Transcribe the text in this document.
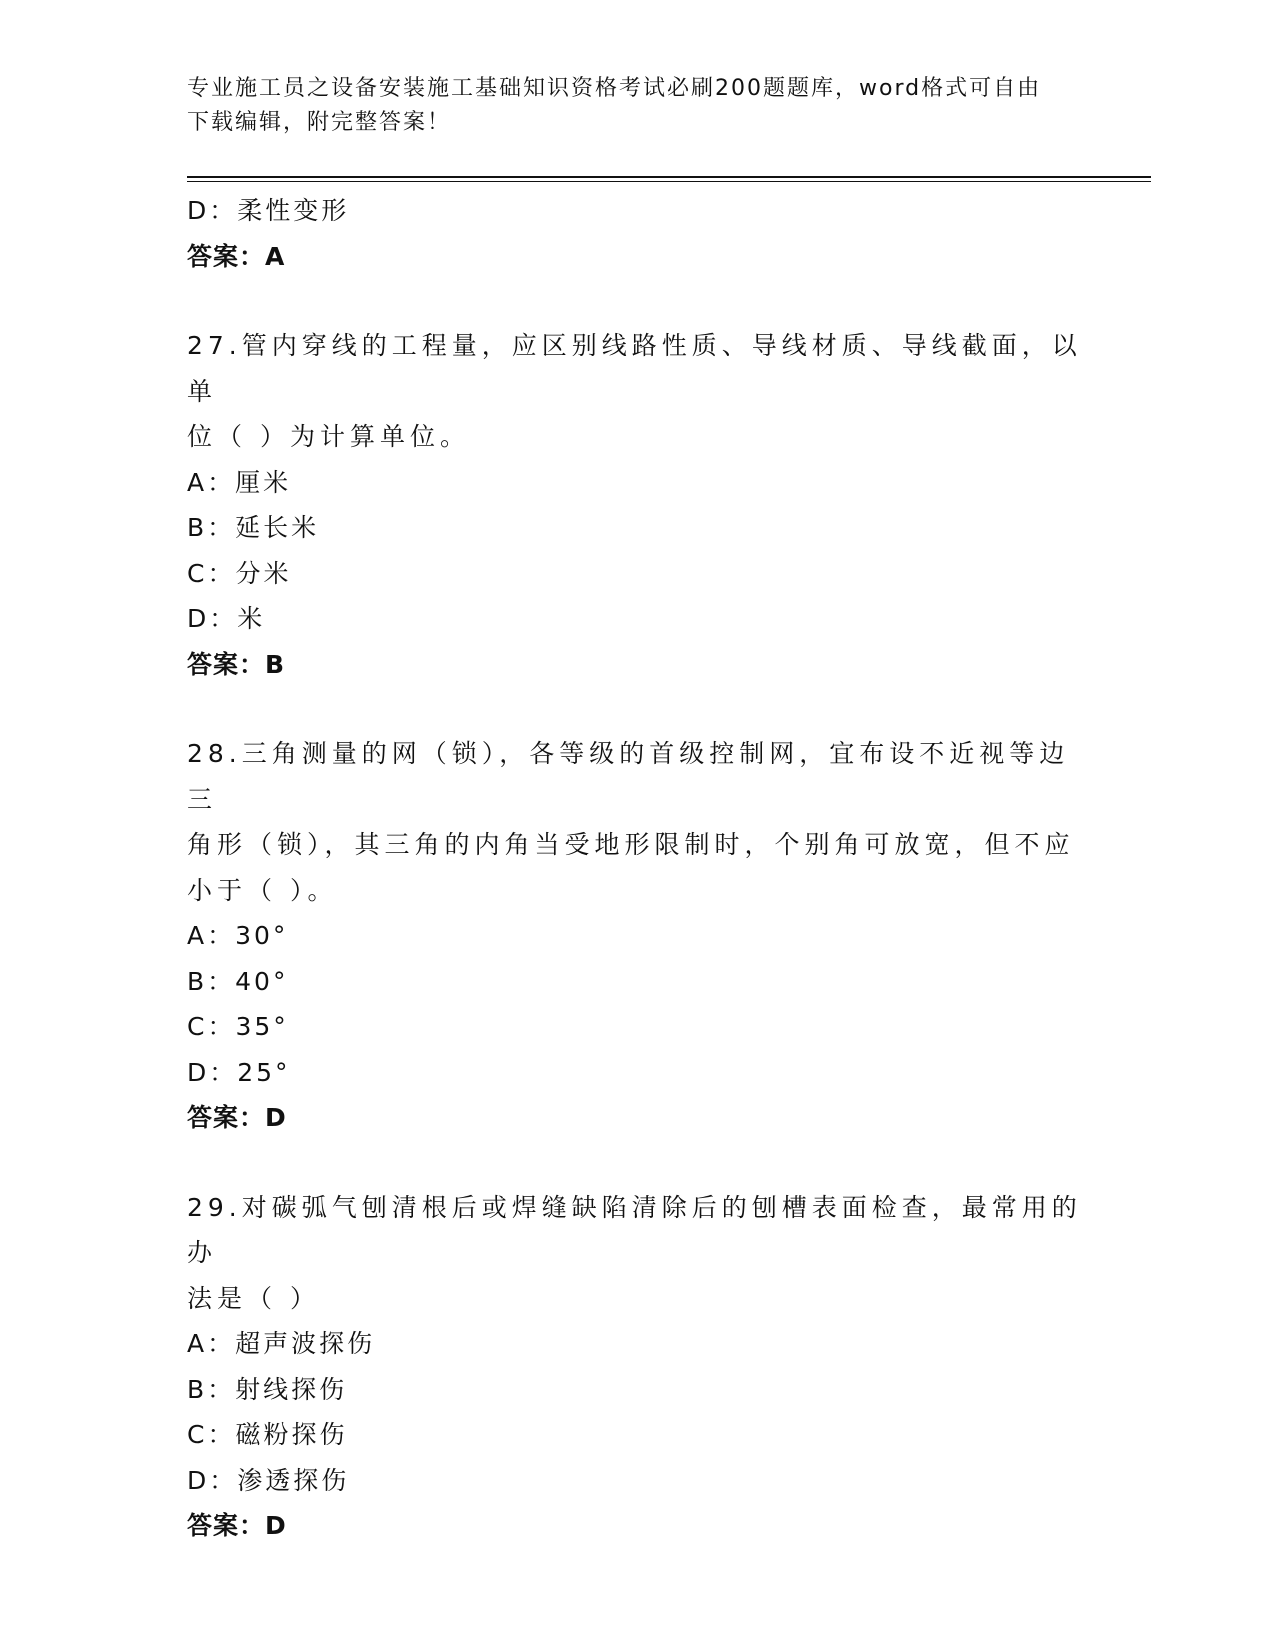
专业施工员之设备安装施工基础知识资格考试必刷200题题库，word格式可自由
下载编辑，附完整答案！
D：柔性变形
答案：A
27.管内穿线的工程量，应区别线路性质、导线材质、导线截面，以单
位（ ）为计算单位。
A：厘米
B：延长米
C：分米
D：米
答案：B
28.三角测量的网（锁），各等级的首级控制网，宜布设不近视等边三
角形（锁），其三角的内角当受地形限制时，个别角可放宽，但不应
小于（ ）。
A：30°
B：40°
C：35°
D：25°
答案：D
29.对碳弧气刨清根后或焊缝缺陷清除后的刨槽表面检查，最常用的办
法是（ ）
A：超声波探伤
B：射线探伤
C：磁粉探伤
D：渗透探伤
答案：D
